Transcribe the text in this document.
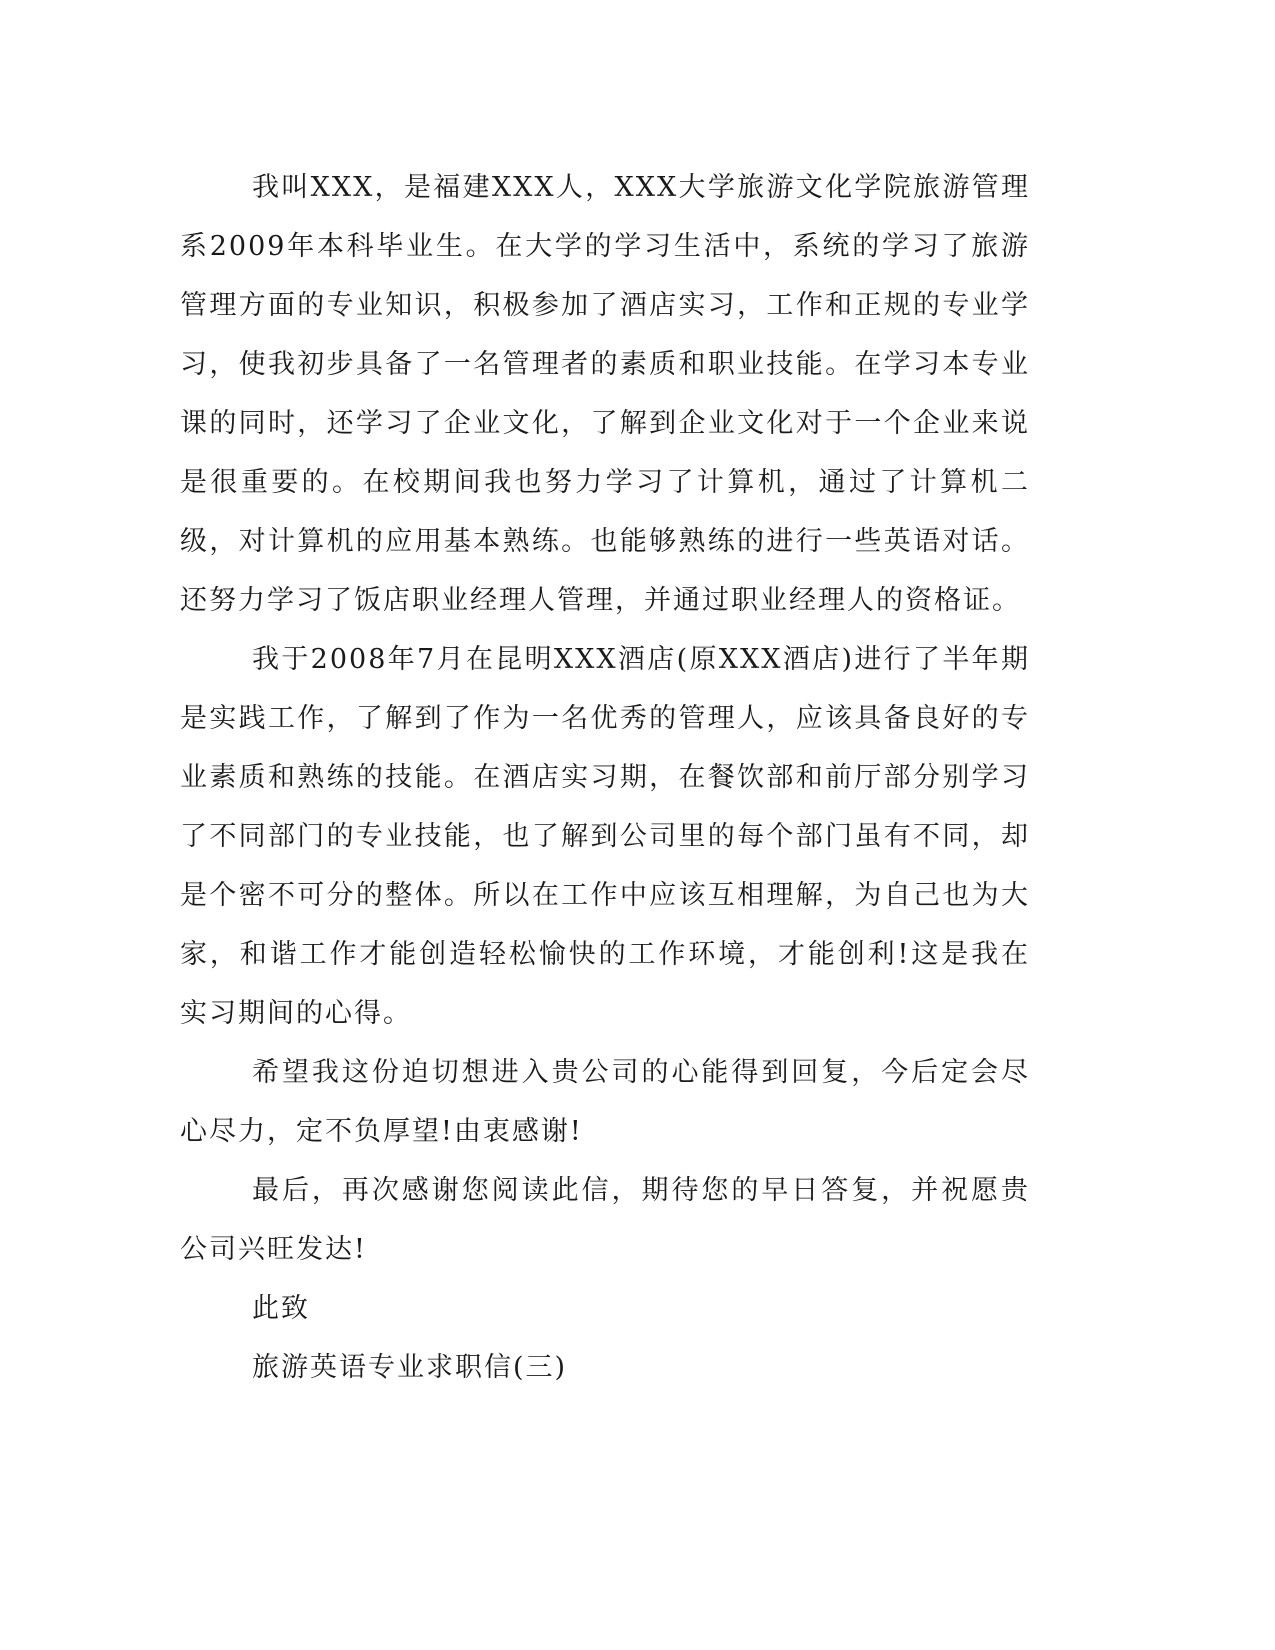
我叫XXX，是福建XXX人，XXX大学旅游文化学院旅游管理系2009年本科毕业生。在大学的学习生活中，系统的学习了旅游管理方面的专业知识，积极参加了酒店实习，工作和正规的专业学习，使我初步具备了一名管理者的素质和职业技能。在学习本专业课的同时，还学习了企业文化，了解到企业文化对于一个企业来说是很重要的。在校期间我也努力学习了计算机，通过了计算机二级，对计算机的应用基本熟练。也能够熟练的进行一些英语对话。还努力学习了饭店职业经理人管理，并通过职业经理人的资格证。

我于2008年7月在昆明XXX酒店(原XXX酒店)进行了半年期是实践工作，了解到了作为一名优秀的管理人，应该具备良好的专业素质和熟练的技能。在酒店实习期，在餐饮部和前厅部分别学习了不同部门的专业技能，也了解到公司里的每个部门虽有不同，却是个密不可分的整体。所以在工作中应该互相理解，为自己也为大家，和谐工作才能创造轻松愉快的工作环境，才能创利!这是我在实习期间的心得。

希望我这份迫切想进入贵公司的心能得到回复，今后定会尽心尽力，定不负厚望!由衷感谢!

最后，再次感谢您阅读此信，期待您的早日答复，并祝愿贵公司兴旺发达!

此致

旅游英语专业求职信(三)
